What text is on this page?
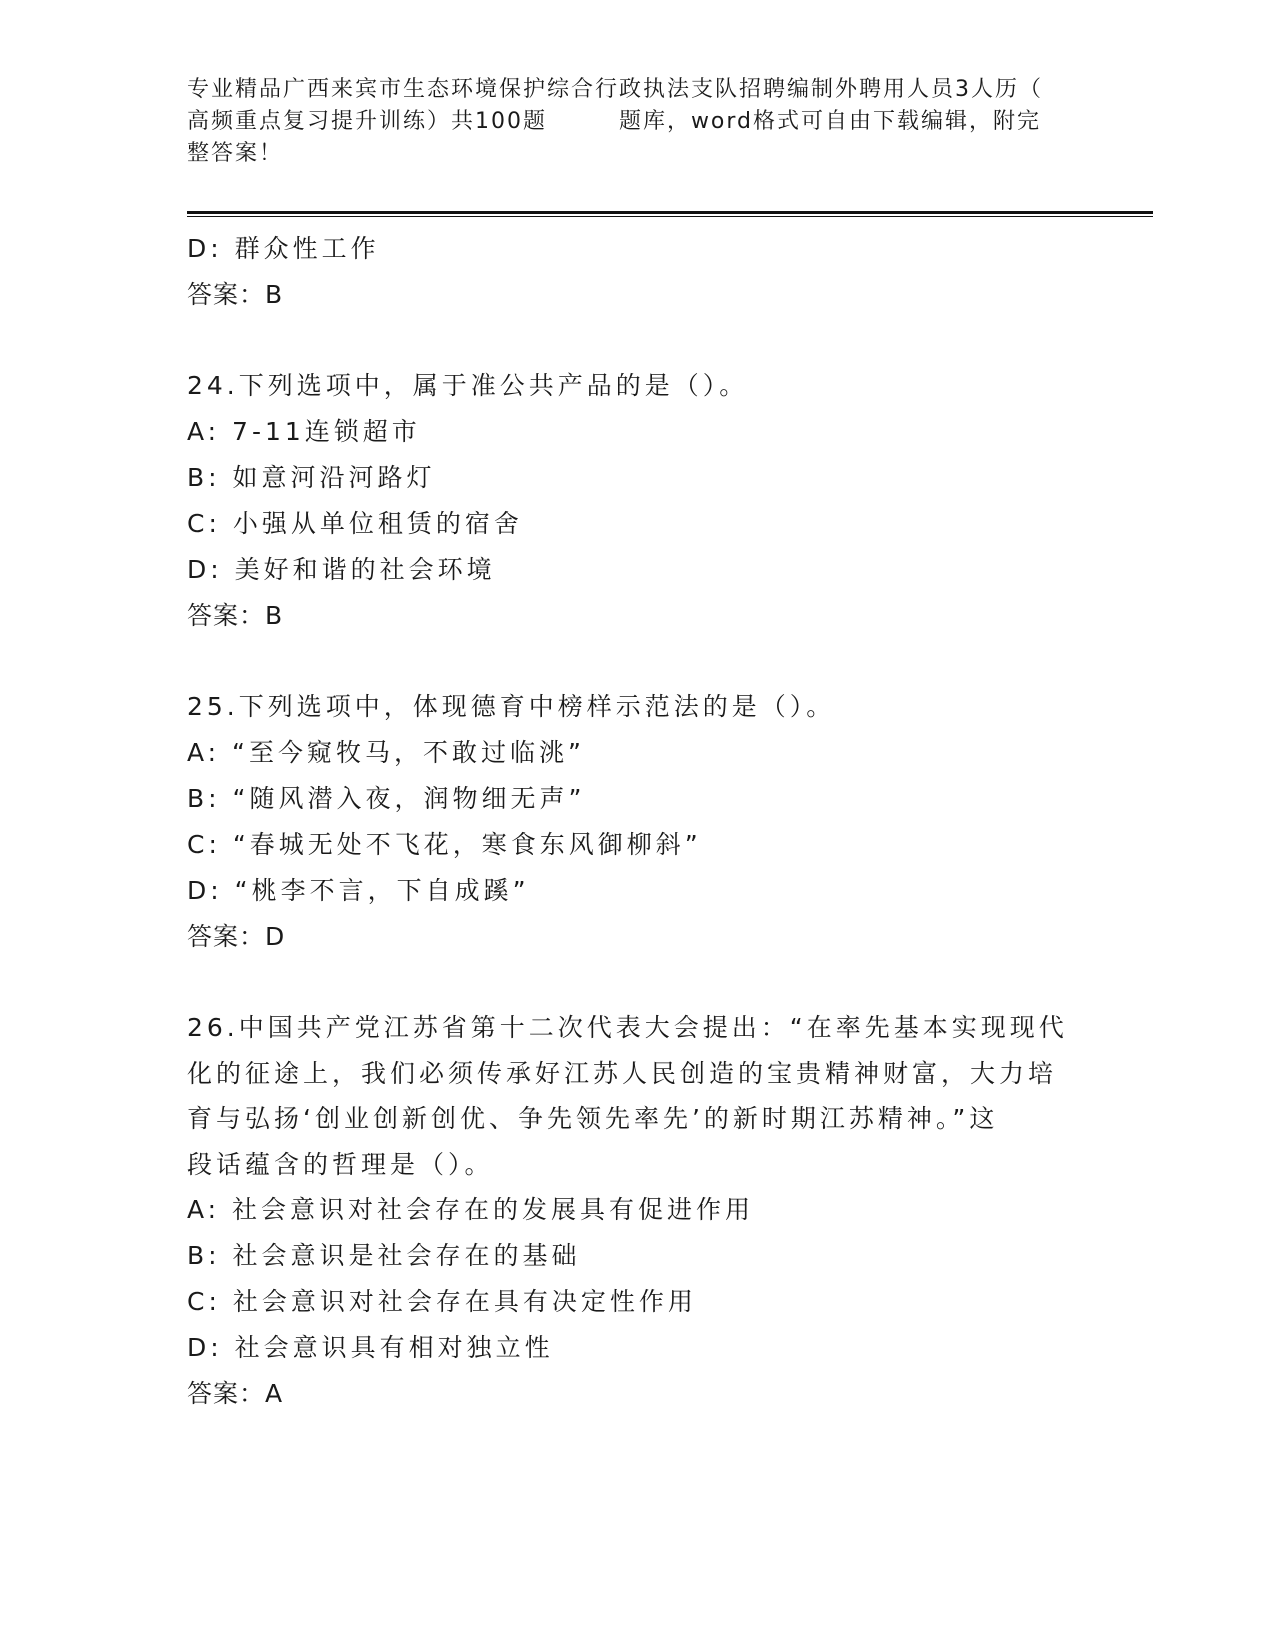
专业精品广西来宾市生态环境保护综合行政执法支队招聘编制外聘用人员3人历（
高频重点复习提升训练）共100题        题库，word格式可自由下载编辑，附完
整答案！
D: 群众性工作
答案：B
24.下列选项中，属于准公共产品的是（）。
A: 7-11连锁超市
B: 如意河沿河路灯
C: 小强从单位租赁的宿舍
D: 美好和谐的社会环境
答案：B
25.下列选项中，体现德育中榜样示范法的是（）。
A: “至今窥牧马，不敢过临洮”
B: “随风潜入夜，润物细无声”
C: “春城无处不飞花，寒食东风御柳斜”
D: “桃李不言，下自成蹊”
答案：D
26.中国共产党江苏省第十二次代表大会提出：“在率先基本实现现代
化的征途上，我们必须传承好江苏人民创造的宝贵精神财富，大力培
育与弘扬‘创业创新创优、争先领先率先’的新时期江苏精神。”这
段话蕴含的哲理是（）。
A: 社会意识对社会存在的发展具有促进作用
B: 社会意识是社会存在的基础
C: 社会意识对社会存在具有决定性作用
D: 社会意识具有相对独立性
答案：A
